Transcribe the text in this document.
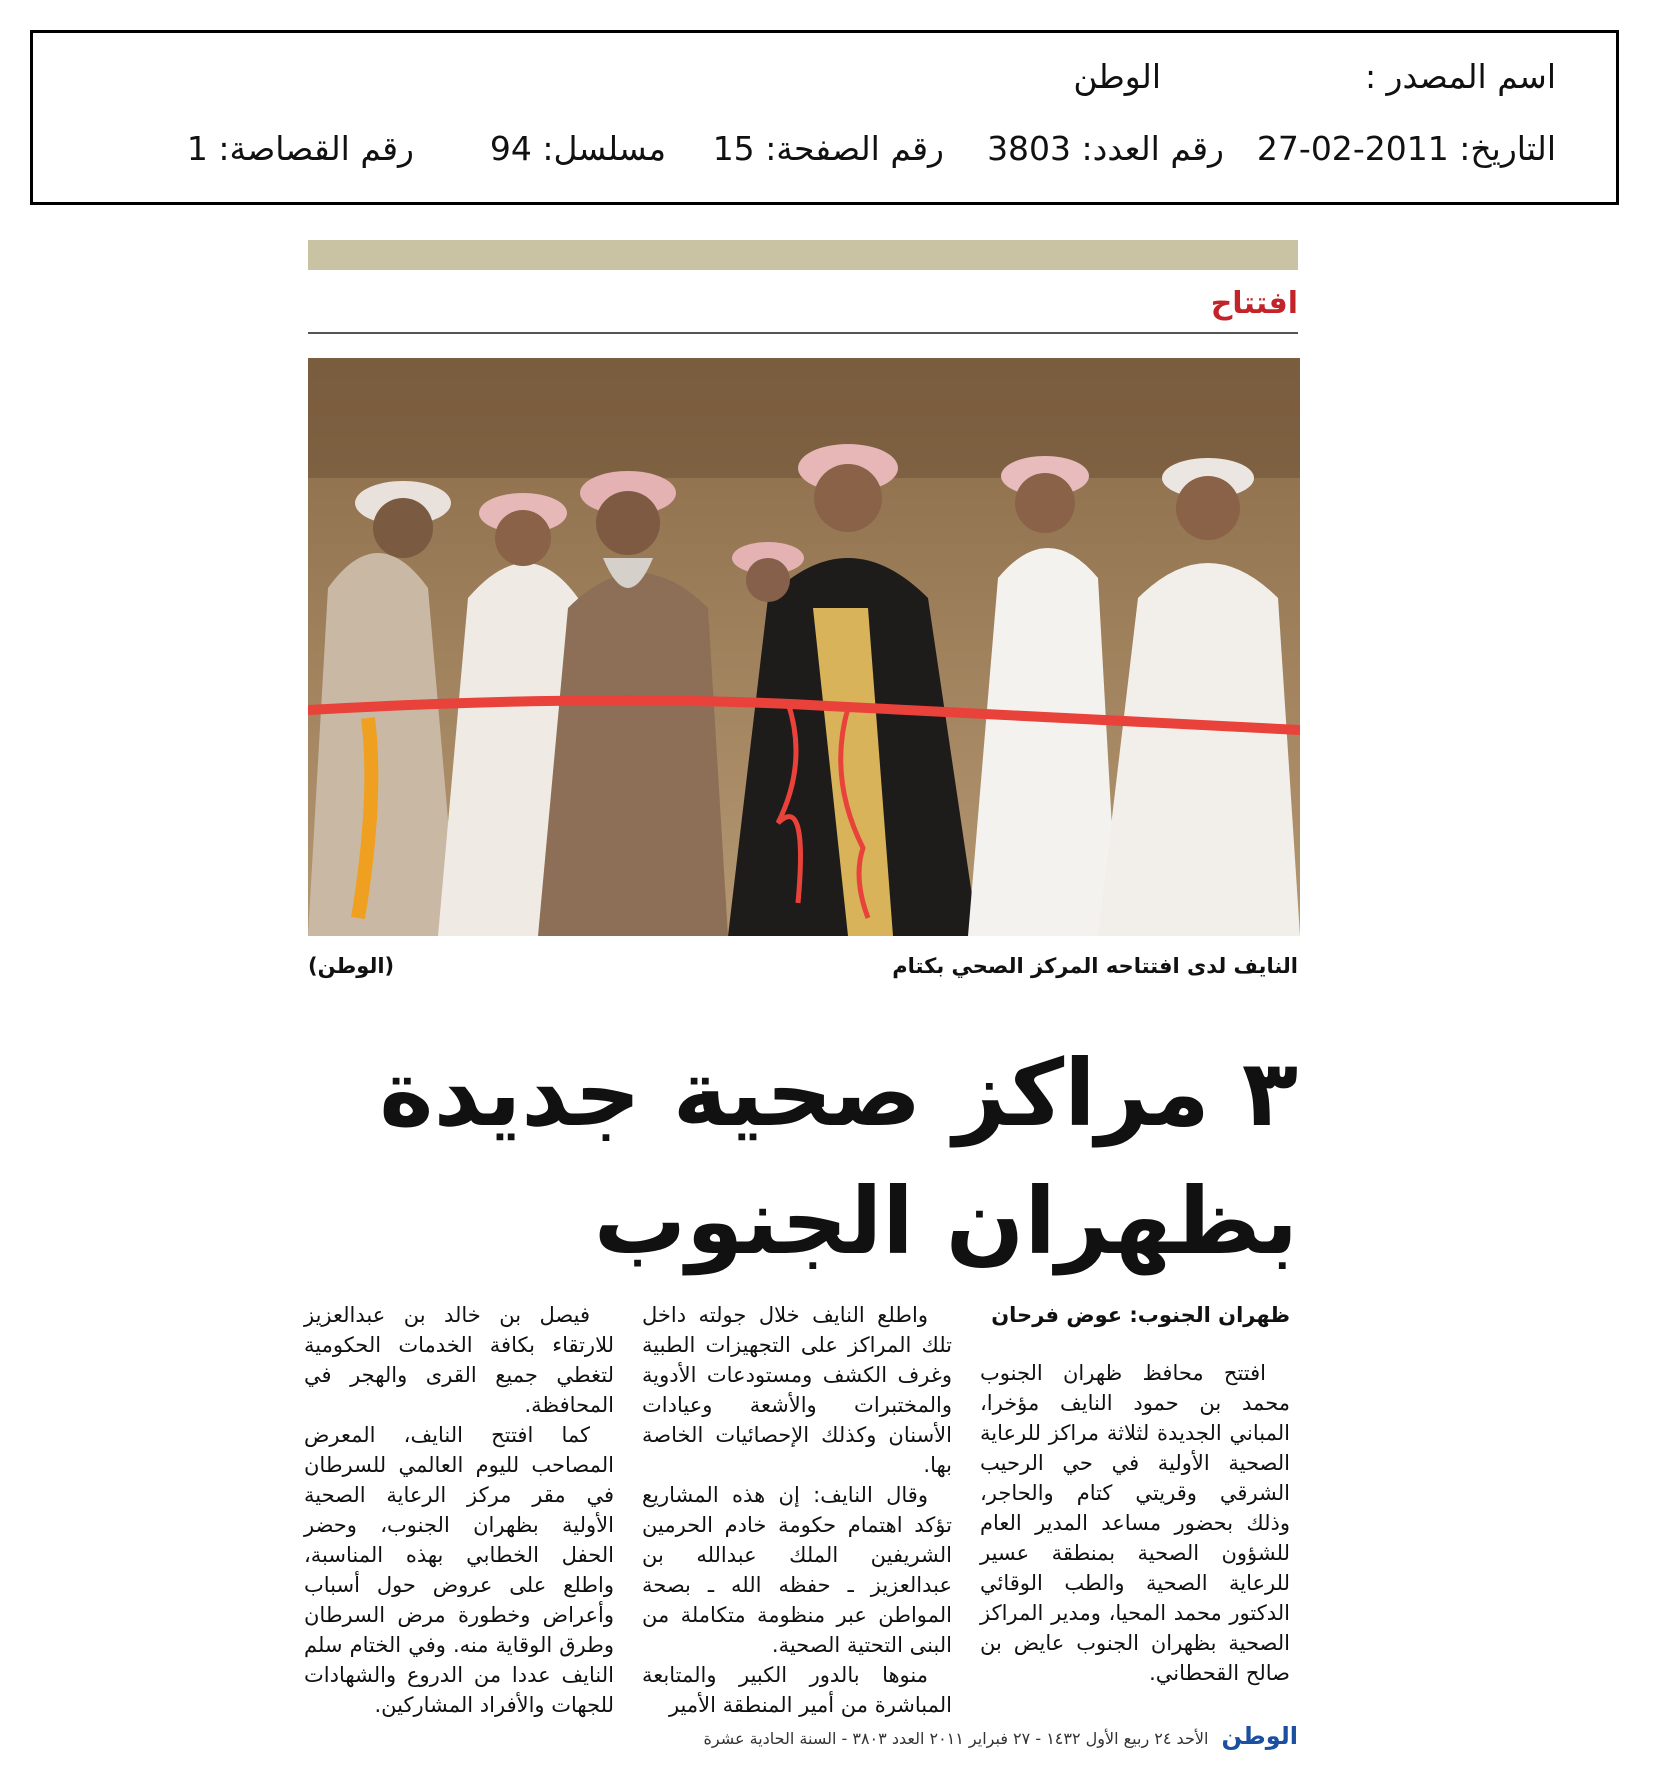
اسم المصدر :
الوطن
التاريخ: 2011-02-27
رقم العدد: 3803
رقم الصفحة: 15
مسلسل: 94
رقم القصاصة: 1
افتتاح
النايف لدى افتتاحه المركز الصحي بكتام
(الوطن)
٣ مراكز صحية جديدة بظهران الجنوب

ظهران الجنوب: عوض فرحان

افتتح محافظ ظهران الجنوب محمد بن حمود النايف مؤخرا، المباني الجديدة لثلاثة مراكز للرعاية الصحية الأولية في حي الرحيب الشرقي وقريتي كتام والحاجر، وذلك بحضور مساعد المدير العام للشؤون الصحية بمنطقة عسير للرعاية الصحية والطب الوقائي الدكتور محمد المحيا، ومدير المراكز الصحية بظهران الجنوب عايض بن صالح القحطاني.

واطلع النايف خلال جولته داخل تلك المراكز على التجهيزات الطبية وغرف الكشف ومستودعات الأدوية والمختبرات والأشعة وعيادات الأسنان وكذلك الإحصائيات الخاصة بها.

وقال النايف: إن هذه المشاريع تؤكد اهتمام حكومة خادم الحرمين الشريفين الملك عبدالله بن عبدالعزيز ـ حفظه الله ـ بصحة المواطن عبر منظومة متكاملة من البنى التحتية الصحية.

منوها بالدور الكبير والمتابعة المباشرة من أمير المنطقة الأمير

فيصل بن خالد بن عبدالعزيز للارتقاء بكافة الخدمات الحكومية لتغطي جميع القرى والهجر في المحافظة.

كما افتتح النايف، المعرض المصاحب لليوم العالمي للسرطان في مقر مركز الرعاية الصحية الأولية بظهران الجنوب، وحضر الحفل الخطابي بهذه المناسبة، واطلع على عروض حول أسباب وأعراض وخطورة مرض السرطان وطرق الوقاية منه. وفي الختام سلم النايف عددا من الدروع والشهادات للجهات والأفراد المشاركين.

الوطن الأحد ٢٤ ربيع الأول ١٤٣٢ - ٢٧ فبراير ٢٠١١ العدد ٣٨٠٣ - السنة الحادية عشرة
